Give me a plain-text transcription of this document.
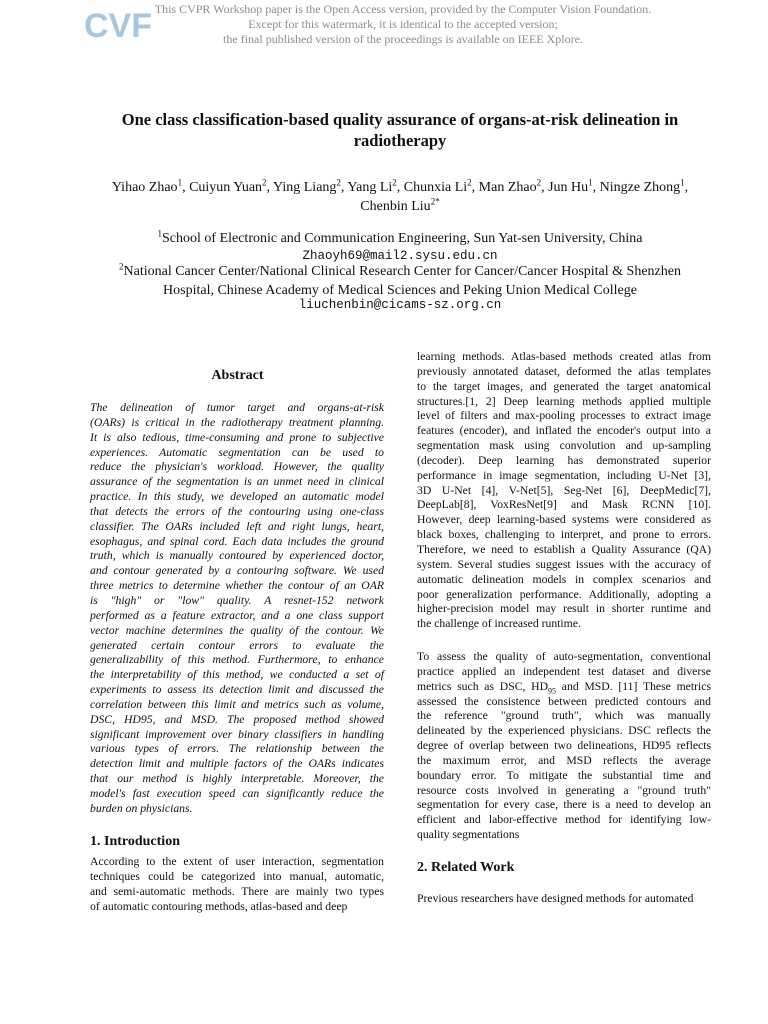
CVF This CVPR Workshop paper is the Open Access version, provided by the Computer Vision Foundation.
Except for this watermark, it is identical to the accepted version;
the final published version of the proceedings is available on IEEE Xplore.
One class classification-based quality assurance of organs-at-risk delineation in
radiotherapy
Yihao Zhao$^1$, Cuiyun Yuan$^2$, Ying Liang$^2$, Yang Li$^2$, Chunxia Li$^2$, Man Zhao$^2$, Jun Hu$^1$, Ningze Zhong$^1$, Chenbin Liu$^{2*}$
$^1$School of Electronic and Communication Engineering, Sun Yat-sen University, China
Zhaoyh69@mail2.sysu.edu.cn
$^2$National Cancer Center/National Clinical Research Center for Cancer/Cancer Hospital & Shenzhen
Hospital, Chinese Academy of Medical Sciences and Peking Union Medical College
liuchenbin@cicams-sz.org.cn
Abstract
The delineation of tumor target and organs-at-risk
(OARs) is critical in the radiotherapy treatment planning.
It is also tedious, time-consuming and prone to subjective
experiences. Automatic segmentation can be used to
reduce the physician's workload. However, the quality
assurance of the segmentation is an unmet need in clinical
practice. In this study, we developed an automatic model
that detects the errors of the contouring using one-class
classifier. The OARs included left and right lungs, heart,
esophagus, and spinal cord. Each data includes the ground
truth, which is manually contoured by experienced doctor,
and contour generated by a contouring software. We used
three metrics to determine whether the contour of an OAR
is "high" or "low" quality. A resnet-152 network
performed as a feature extractor, and a one class support
vector machine determines the quality of the contour. We
generated certain contour errors to evaluate the
generalizability of this method. Furthermore, to enhance
the interpretability of this method, we conducted a set of
experiments to assess its detection limit and discussed the
correlation between this limit and metrics such as volume,
DSC, HD95, and MSD. The proposed method showed
significant improvement over binary classifiers in handling
various types of errors. The relationship between the
detection limit and multiple factors of the OARs indicates
that our method is highly interpretable. Moreover, the
model's fast execution speed can significantly reduce the
burden on physicians.
1. Introduction
According to the extent of user interaction, segmentation
techniques could be categorized into manual, automatic,
and semi-automatic methods. There are mainly two types
of automatic contouring methods, atlas-based and deep
learning methods. Atlas-based methods created atlas from
previously annotated dataset, deformed the atlas templates
to the target images, and generated the target anatomical
structures.[1, 2] Deep learning methods applied multiple
level of filters and max-pooling processes to extract image
features (encoder), and inflated the encoder's output into a
segmentation mask using convolution and up-sampling
(decoder). Deep learning has demonstrated superior
performance in image segmentation, including U-Net [3],
3D U-Net [4], V-Net[5], Seg-Net [6], DeepMedic[7],
DeepLab[8], VoxResNet[9] and Mask RCNN [10].
However, deep learning-based systems were considered as
black boxes, challenging to interpret, and prone to errors.
Therefore, we need to establish a Quality Assurance (QA)
system. Several studies suggest issues with the accuracy of
automatic delineation models in complex scenarios and
poor generalization performance. Additionally, adopting a
higher-precision model may result in shorter runtime and
the challenge of increased runtime.
To assess the quality of auto-segmentation, conventional
practice applied an independent test dataset and diverse
metrics such as DSC, $HD_{95}$ and MSD. [11] These metrics
assessed the consistence between predicted contours and
the reference "ground truth", which was manually
delineated by the experienced physicians. DSC reflects the
degree of overlap between two delineations, HD95 reflects
the maximum error, and MSD reflects the average
boundary error. To mitigate the substantial time and
resource costs involved in generating a "ground truth"
segmentation for every case, there is a need to develop an
efficient and labor-effective method for identifying low-
quality segmentations
2. Related Work
Previous researchers have designed methods for automated
